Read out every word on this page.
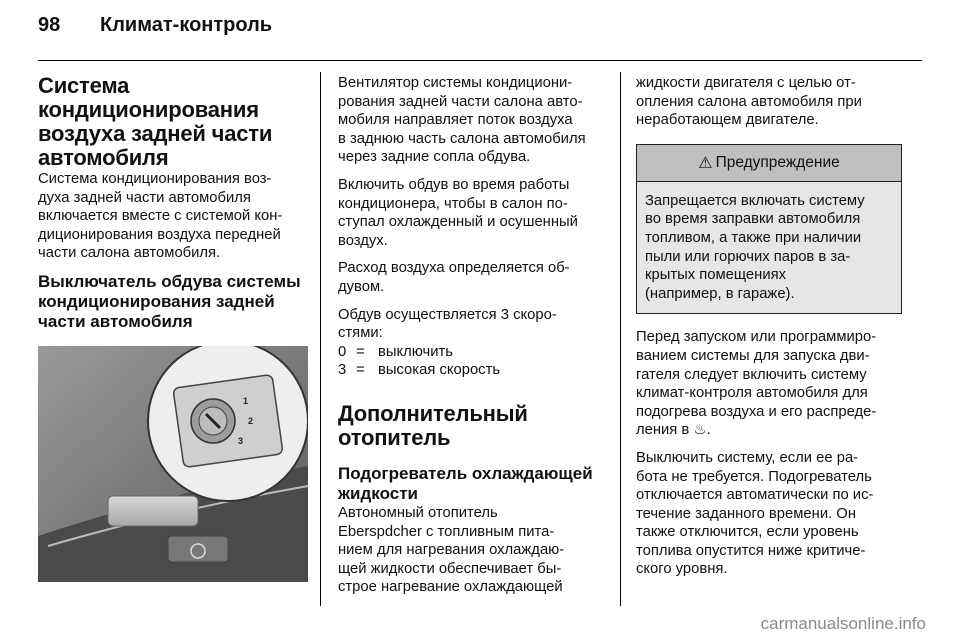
98 Климат-контроль
Система
кондиционирования
воздуха задней части
автомобиля

Система кондиционирования воз-
духа задней части автомобиля
включается вместе с системой кон-
диционирования воздуха передней
части салона автомобиля.

Выключатель обдува системы
кондиционирования задней
части автомобиля
1
2
3

Вентилятор системы кондициони-
рования задней части салона авто-
мобиля направляет поток воздуха
в заднюю часть салона автомобиля
через задние сопла обдува.

Включить обдув во время работы
кондиционера, чтобы в салон по-
ступал охлажденный и осушенный
воздух.

Расход воздуха определяется об-
дувом.

Обдув осуществляется 3 скоро-
стями:

0 = выключить
3 = высокая скорость
Дополнительный
отопитель
Подогреватель охлаждающей
жидкости

Автономный отопитель
Eberspdcher с топливным пита-
нием для нагревания охлаждаю-
щей жидкости обеспечивает бы-
строе нагревание охлаждающей

жидкости двигателя с целью от-
опления салона автомобиля при
неработающем двигателе.

⚠ Предупреждение
Запрещается включать систему
во время заправки автомобиля
топливом, а также при наличии
пыли или горючих паров в за-
крытых помещениях
(например, в гараже).

Перед запуском или программиро-
ванием системы для запуска дви-
гателя следует включить систему
климат-контроля автомобиля для
подогрева воздуха и его распреде-
ления в ♨.

Выключить систему, если ее ра-
бота не требуется. Подогреватель
отключается автоматически по ис-
течение заданного времени. Он
также отключится, если уровень
топлива опустится ниже критиче-
ского уровня.

carmanualsonline.info
